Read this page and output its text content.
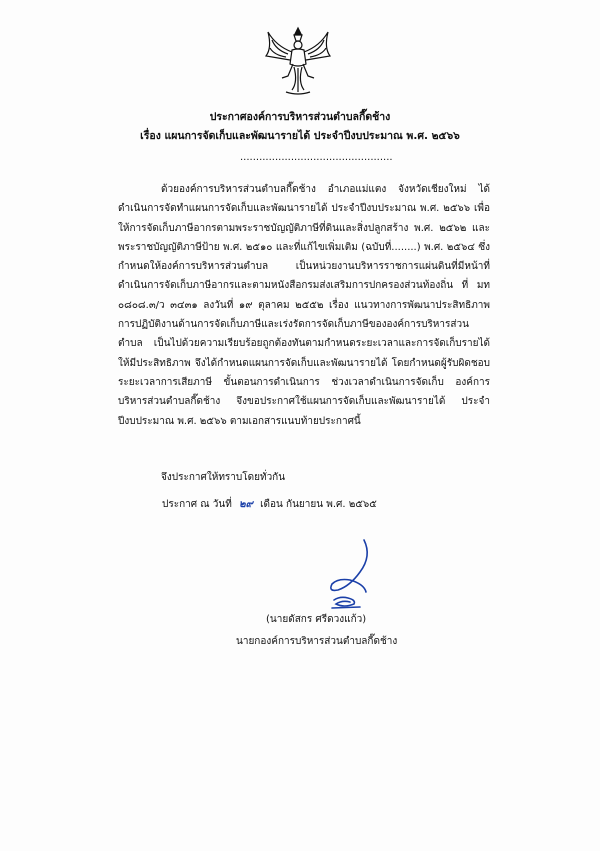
ประกาศองค์การบริหารส่วนตำบลกี๊ดช้าง
เรื่อง แผนการจัดเก็บและพัฒนารายได้ ประจำปีงบประมาณ พ.ศ. ๒๕๖๖
................................................
ด้วยองค์การบริหารส่วนตำบลกี๊ดช้าง อำเภอแม่แตง จังหวัดเชียงใหม่ ได้ดำเนินการจัดทำแผนการจัดเก็บและพัฒนารายได้ ประจำปีงบประมาณ พ.ศ. ๒๕๖๖ เพื่อให้การจัดเก็บภาษีอากรตามพระราชบัญญัติภาษีที่ดินและสิ่งปลูกสร้าง พ.ศ. ๒๕๖๒ และพระราชบัญญัติภาษีป้าย พ.ศ. ๒๕๑๐ และที่แก้ไขเพิ่มเติม (ฉบับที่........) พ.ศ. ๒๕๖๔ ซึ่งกำหนดให้องค์การบริหารส่วนตำบล เป็นหน่วยงานบริหารราชการแผ่นดินที่มีหน้าที่ดำเนินการจัดเก็บภาษีอากรและตามหนังสือกรมส่งเสริมการปกครองส่วนท้องถิ่น ที่ มท ๐๘๐๘.๓/ว ๓๔๓๑ ลงวันที่ ๑๙ ตุลาคม ๒๕๕๒ เรื่อง แนวทางการพัฒนาประสิทธิภาพการปฏิบัติงานด้านการจัดเก็บภาษีและเร่งรัดการจัดเก็บภาษีขององค์การบริหารส่วนตำบล เป็นไปด้วยความเรียบร้อยถูกต้องทันตามกำหนดระยะเวลาและการจัดเก็บรายได้ให้มีประสิทธิภาพ จึงได้กำหนดแผนการจัดเก็บและพัฒนารายได้ โดยกำหนดผู้รับผิดชอบ ระยะเวลาการเสียภาษี ขั้นตอนการดำเนินการ ช่วงเวลาดำเนินการจัดเก็บ องค์การบริหารส่วนตำบลกี๊ดช้าง จึงขอประกาศใช้แผนการจัดเก็บและพัฒนารายได้ ประจำปีงบประมาณ พ.ศ. ๒๕๖๖ ตามเอกสารแนบท้ายประกาศนี้
จึงประกาศให้ทราบโดยทั่วกัน
ประกาศ ณ วันที่ ๒๙ เดือน กันยายน พ.ศ. ๒๕๖๕
(นายดัสกร ศรีดวงแก้ว)
นายกองค์การบริหารส่วนตำบลกี๊ดช้าง
